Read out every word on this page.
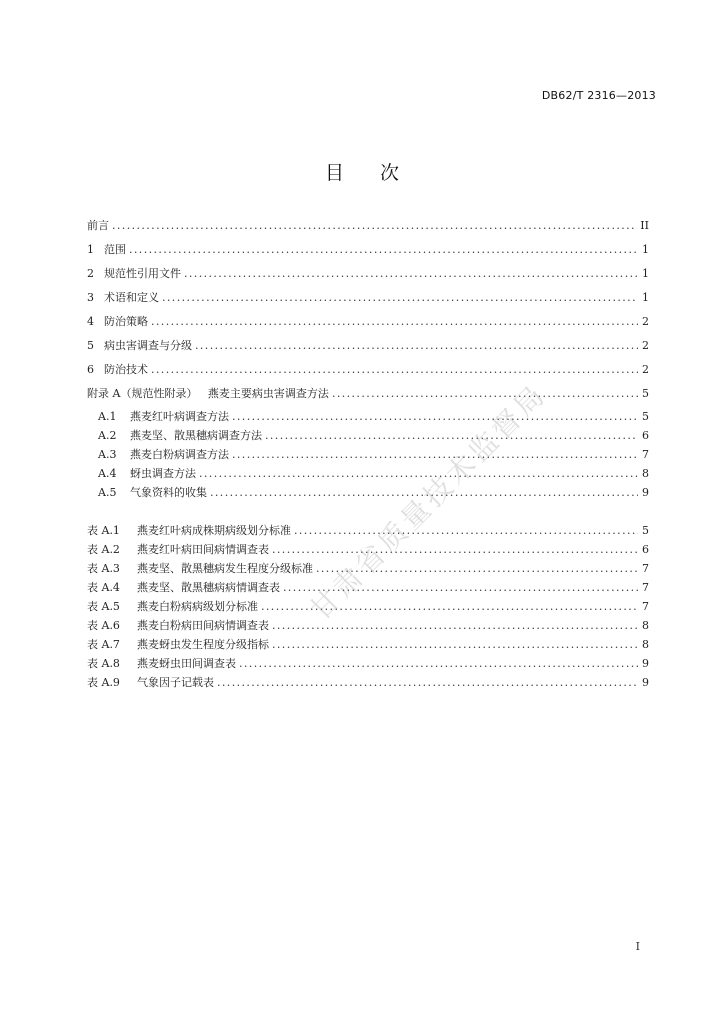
DB62/T 2316—2013
目 次
前言 .....	II
1 范围 .....	1
2 规范性引用文件 .....	1
3 术语和定义 .....	1
4 防治策略 .....	2
5 病虫害调查与分级 .....	2
6 防治技术 .....	2
附录 A（规范性附录）   燕麦主要病虫害调查方法 .....	5
A.1	燕麦红叶病调查方法 .....	5
A.2	燕麦坚、散黑穗病调查方法 .....	6
A.3	燕麦白粉病调查方法 .....	7
A.4	蚜虫调查方法 .....	8
A.5	气象资料的收集 .....	9
表 A.1	燕麦红叶病成株期病级划分标准 .....	5
表 A.2	燕麦红叶病田间病情调查表 .....	6
表 A.3	燕麦坚、散黑穗病发生程度分级标准 .....	7
表 A.4	燕麦坚、散黑穗病病情调查表 .....	7
表 A.5	燕麦白粉病病级划分标准 .....	7
表 A.6	燕麦白粉病田间病情调查表 .....	8
表 A.7	燕麦蚜虫发生程度分级指标 .....	8
表 A.8	燕麦蚜虫田间调查表 .....	9
表 A.9	气象因子记载表 .....	9
甘肃省质量技术监督局
I
